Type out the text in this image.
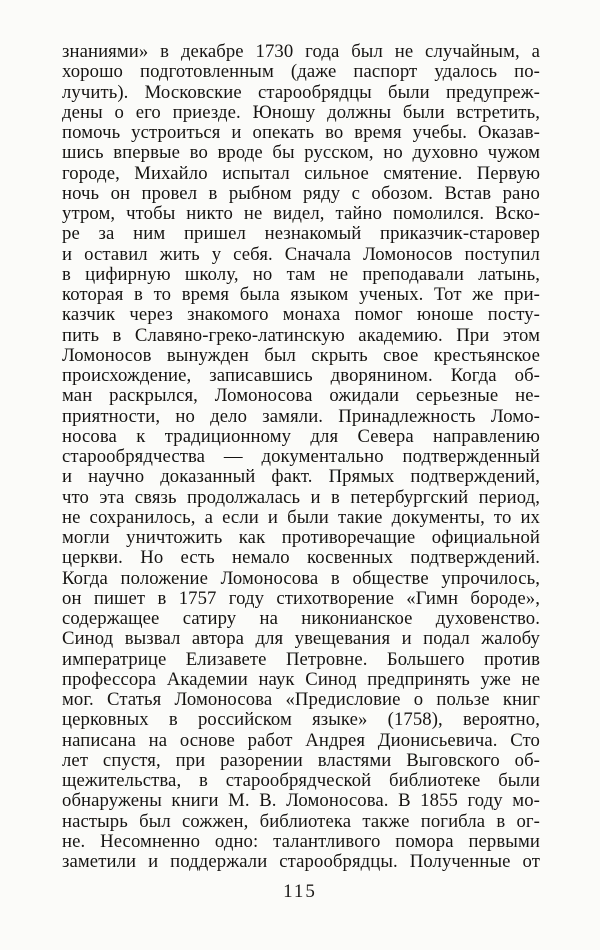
знаниями» в декабре 1730 года был не случайным, а
хорошо подготовленным (даже паспорт удалось по-
лучить). Московские старообрядцы были предупреж-
дены о его приезде. Юношу должны были встретить,
помочь устроиться и опекать во время учебы. Оказав-
шись впервые во вроде бы русском, но духовно чужом
городе, Михайло испытал сильное смятение. Первую
ночь он провел в рыбном ряду с обозом. Встав рано
утром, чтобы никто не видел, тайно помолился. Вско-
ре за ним пришел незнакомый приказчик-старовер
и оставил жить у себя. Сначала Ломоносов поступил
в цифирную школу, но там не преподавали латынь,
которая в то время была языком ученых. Тот же при-
казчик через знакомого монаха помог юноше посту-
пить в Славяно-греко-латинскую академию. При этом
Ломоносов вынужден был скрыть свое крестьянское
происхождение, записавшись дворянином. Когда об-
ман раскрылся, Ломоносова ожидали серьезные не-
приятности, но дело замяли. Принадлежность Ломо-
носова к традиционному для Севера направлению
старообрядчества — документально подтвержденный
и научно доказанный факт. Прямых подтверждений,
что эта связь продолжалась и в петербургский период,
не сохранилось, а если и были такие документы, то их
могли уничтожить как противоречащие официальной
церкви. Но есть немало косвенных подтверждений.
Когда положение Ломоносова в обществе упрочилось,
он пишет в 1757 году стихотворение «Гимн бороде»,
содержащее сатиру на никонианское духовенство.
Синод вызвал автора для увещевания и подал жалобу
императрице Елизавете Петровне. Большего против
профессора Академии наук Синод предпринять уже не
мог. Статья Ломоносова «Предисловие о пользе книг
церковных в российском языке» (1758), вероятно,
написана на основе работ Андрея Дионисьевича. Сто
лет спустя, при разорении властями Выговского об-
щежительства, в старообрядческой библиотеке были
обнаружены книги М. В. Ломоносова. В 1855 году мо-
настырь был сожжен, библиотека также погибла в ог-
не. Несомненно одно: талантливого помора первыми
заметили и поддержали старообрядцы. Полученные от
115
